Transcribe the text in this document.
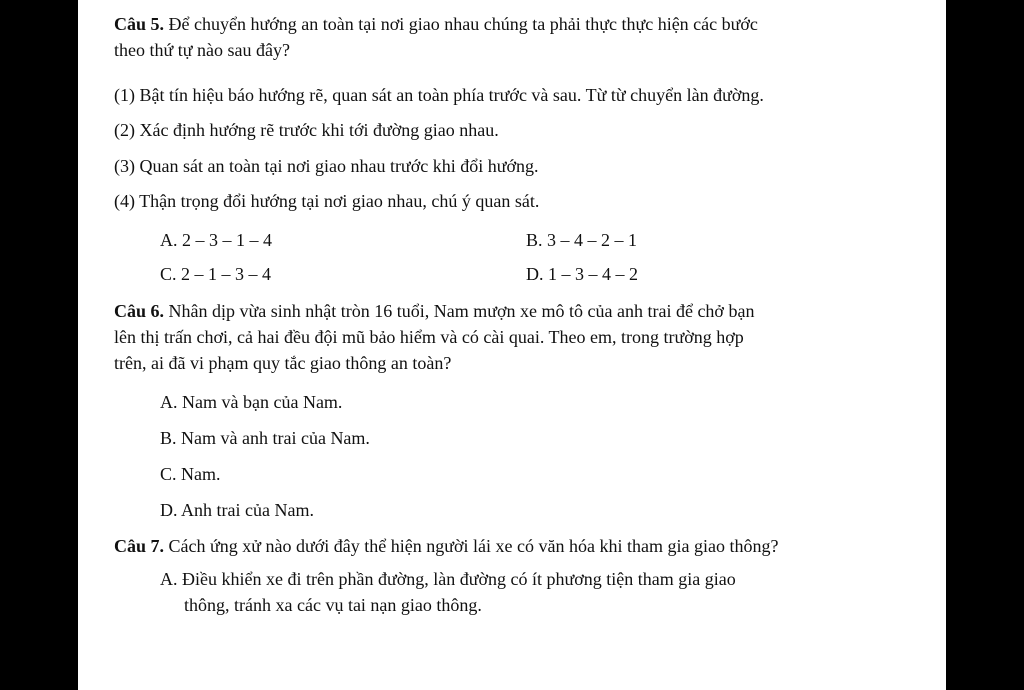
Câu 5. Để chuyển hướng an toàn tại nơi giao nhau chúng ta phải thực thực hiện các bước
theo thứ tự nào sau đây?
(1) Bật tín hiệu báo hướng rẽ, quan sát an toàn phía trước và sau. Từ từ chuyển làn đường.
(2) Xác định hướng rẽ trước khi tới đường giao nhau.
(3) Quan sát an toàn tại nơi giao nhau trước khi đổi hướng.
(4) Thận trọng đổi hướng tại nơi giao nhau, chú ý quan sát.
A. 2 – 3 – 1 – 4	B. 3 – 4 – 2 – 1
C. 2 – 1 – 3 – 4	D. 1 – 3 – 4 – 2
Câu 6. Nhân dịp vừa sinh nhật tròn 16 tuổi, Nam mượn xe mô tô của anh trai để chở bạn
lên thị trấn chơi, cả hai đều đội mũ bảo hiểm và có cài quai. Theo em, trong trường hợp
trên, ai đã vi phạm quy tắc giao thông an toàn?
A. Nam và bạn của Nam.
B. Nam và anh trai của Nam.
C. Nam.
D. Anh trai của Nam.
Câu 7. Cách ứng xử nào dưới đây thể hiện người lái xe có văn hóa khi tham gia giao thông?
A. Điều khiển xe đi trên phần đường, làn đường có ít phương tiện tham gia giao
thông, tránh xa các vụ tai nạn giao thông.
